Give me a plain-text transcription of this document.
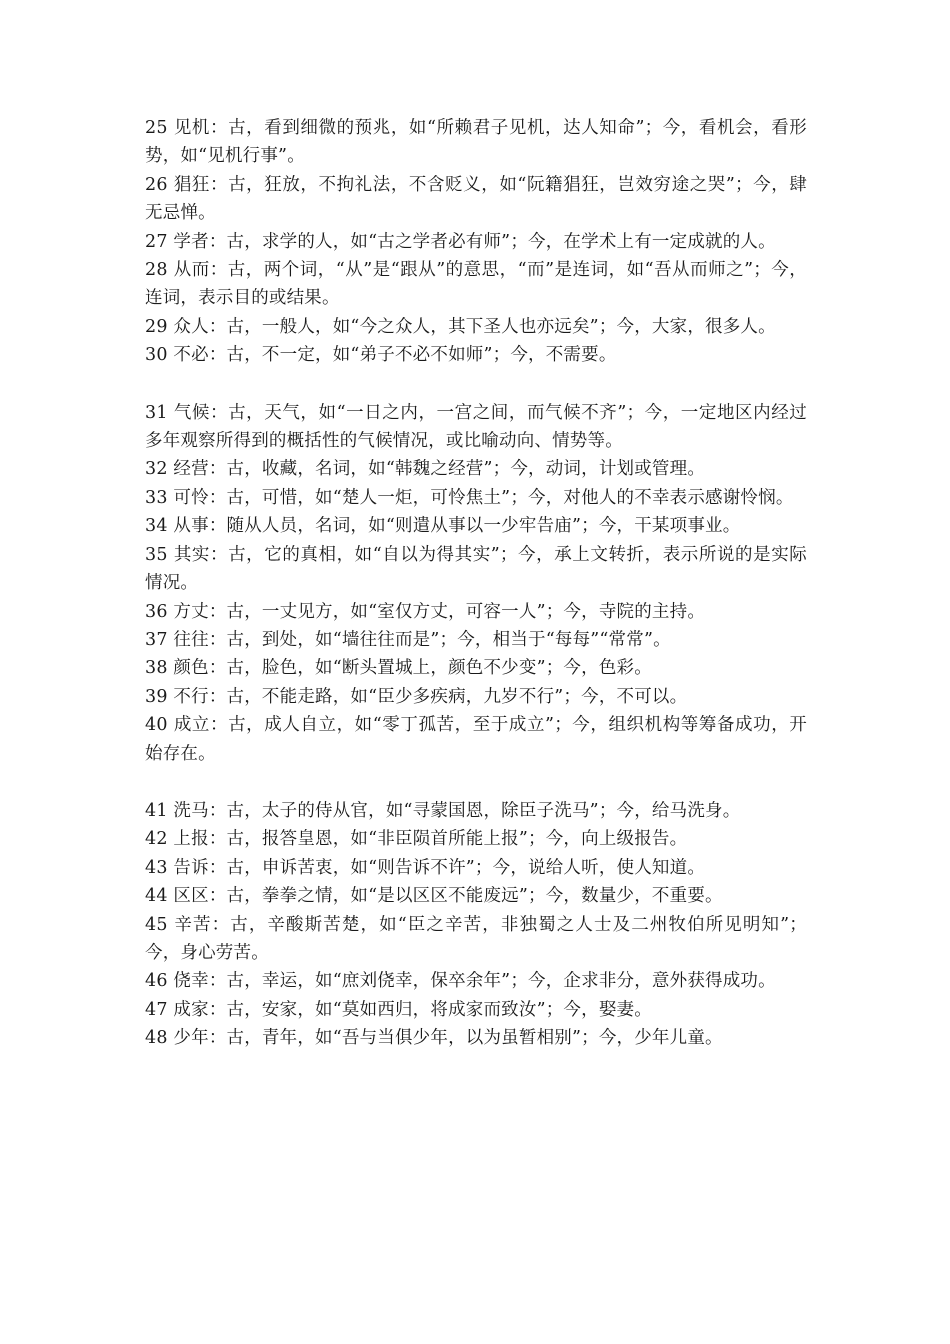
25 见机：古，看到细微的预兆，如“所赖君子见机，达人知命”；今，看机会，看形势，如“见机行事”。

26 猖狂：古，狂放，不拘礼法，不含贬义，如“阮籍猖狂，岂效穷途之哭”；今，肆无忌惮。

27 学者：古，求学的人，如“古之学者必有师”；今，在学术上有一定成就的人。

28 从而：古，两个词，“从”是“跟从”的意思，“而”是连词，如“吾从而师之”；今，连词，表示目的或结果。

29 众人：古，一般人，如“今之众人，其下圣人也亦远矣”；今，大家，很多人。

30 不必：古，不一定，如“弟子不必不如师”；今，不需要。

31 气候：古，天气，如“一日之内，一宫之间，而气候不齐”；今，一定地区内经过多年观察所得到的概括性的气候情况，或比喻动向、情势等。

32 经营：古，收藏，名词，如“韩魏之经营”；今，动词，计划或管理。

33 可怜：古，可惜，如“楚人一炬，可怜焦土”；今，对他人的不幸表示感谢怜悯。

34 从事：随从人员，名词，如“则遣从事以一少牢告庙”；今，干某项事业。

35 其实：古，它的真相，如“自以为得其实”；今，承上文转折，表示所说的是实际情况。

36 方丈：古，一丈见方，如“室仅方丈，可容一人”；今，寺院的主持。

37 往往：古，到处，如“墙往往而是”；今，相当于“每每”“常常”。

38 颜色：古，脸色，如“断头置城上，颜色不少变”；今，色彩。

39 不行：古，不能走路，如“臣少多疾病，九岁不行”；今，不可以。

40 成立：古，成人自立，如“零丁孤苦，至于成立”；今，组织机构等筹备成功，开始存在。

41 洗马：古，太子的侍从官，如“寻蒙国恩，除臣子洗马”；今，给马洗身。

42 上报：古，报答皇恩，如“非臣陨首所能上报”；今，向上级报告。

43 告诉：古，申诉苦衷，如“则告诉不许”；今，说给人听，使人知道。

44 区区：古，拳拳之情，如“是以区区不能废远”；今，数量少，不重要。

45 辛苦：古，辛酸斯苦楚，如“臣之辛苦，非独蜀之人士及二州牧伯所见明知”；今，身心劳苦。

46 侥幸：古，幸运，如“庶刘侥幸，保卒余年”；今，企求非分，意外获得成功。

47 成家：古，安家，如“莫如西归，将成家而致汝”；今，娶妻。

48 少年：古，青年，如“吾与当俱少年，以为虽暂相别”；今，少年儿童。
